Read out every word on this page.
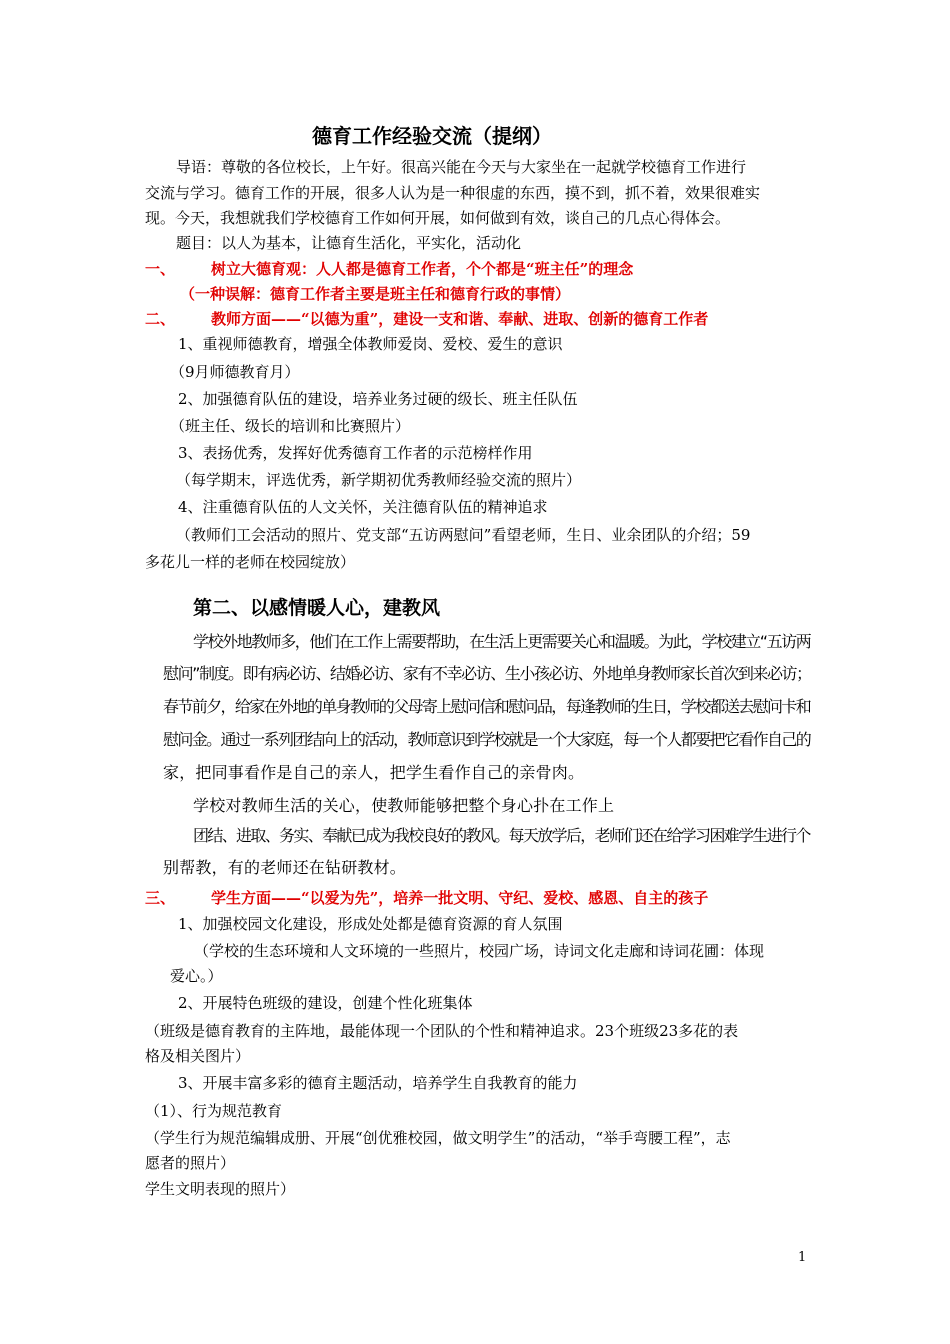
德育工作经验交流（提纲）
导语：尊敬的各位校长，上午好。很高兴能在今天与大家坐在一起就学校德育工作进行
交流与学习。德育工作的开展，很多人认为是一种很虚的东西，摸不到，抓不着，效果很难实
现。今天，我想就我们学校德育工作如何开展，如何做到有效，谈自己的几点心得体会。
题目：以人为基本，让德育生活化，平实化，活动化
一、 树立大德育观：人人都是德育工作者，个个都是“班主任”的理念
（一种误解：德育工作者主要是班主任和德育行政的事情）
二、 教师方面——“以德为重”，建设一支和谐、奉献、进取、创新的德育工作者
1、重视师德教育，增强全体教师爱岗、爱校、爱生的意识
（9月师德教育月）
2、加强德育队伍的建设，培养业务过硬的级长、班主任队伍
（班主任、级长的培训和比赛照片）
3、表扬优秀，发挥好优秀德育工作者的示范榜样作用
（每学期末，评选优秀，新学期初优秀教师经验交流的照片）
4、注重德育队伍的人文关怀，关注德育队伍的精神追求
（教师们工会活动的照片、党支部“五访两慰问”看望老师，生日、业余团队的介绍；59
多花儿一样的老师在校园绽放）
第二、以感情暖人心，建教风
学校外地教师多，他们在工作上需要帮助，在生活上更需要关心和温暖。为此，学校建立“五访两
慰问”制度。即有病必访、结婚必访、家有不幸必访、生小孩必访、外地单身教师家长首次到来必访；
春节前夕，给家在外地的单身教师的父母寄上慰问信和慰问品，每逢教师的生日，学校都送去慰问卡和
慰问金。通过一系列团结向上的活动，教师意识到学校就是一个大家庭，每一个人都要把它看作自己的
家，把同事看作是自己的亲人，把学生看作自己的亲骨肉。
学校对教师生活的关心，使教师能够把整个身心扑在工作上
团结、进取、务实、奉献已成为我校良好的教风。每天放学后，老师们还在给学习困难学生进行个
别帮教，有的老师还在钻研教材。
三、 学生方面——“以爱为先”，培养一批文明、守纪、爱校、感恩、自主的孩子
1、加强校园文化建设，形成处处都是德育资源的育人氛围
（学校的生态环境和人文环境的一些照片，校园广场，诗词文化走廊和诗词花圃：体现
爱心。）
2、开展特色班级的建设，创建个性化班集体
（班级是德育教育的主阵地，最能体现一个团队的个性和精神追求。23个班级23多花的表
格及相关图片）
3、开展丰富多彩的德育主题活动，培养学生自我教育的能力
（1）、行为规范教育
（学生行为规范编辑成册、开展“创优雅校园，做文明学生”的活动，“举手弯腰工程”，志
愿者的照片）
学生文明表现的照片）
1
